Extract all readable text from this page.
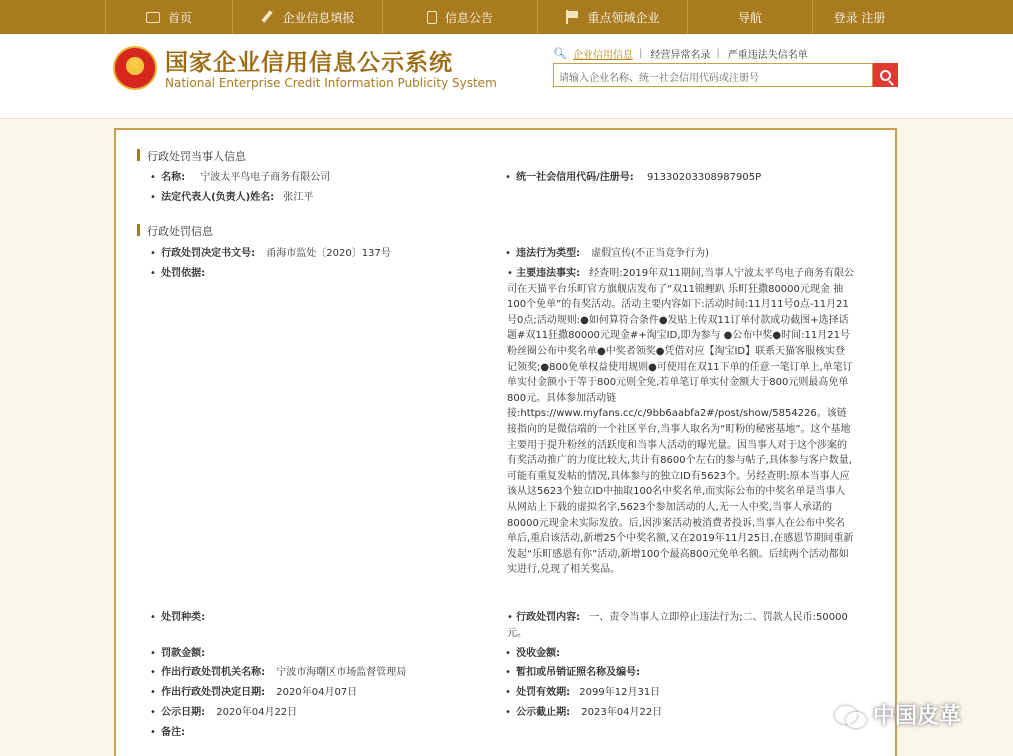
首页	企业信息填报	信息公告	重点领域企业	导航	登录 注册
★
国家企业信用信息公示系统
National Enterprise Credit Information Publicity System
🔍︎ 企业信用信息 | 经营异常名录 | 严重违法失信名单
请输入企业名称、统一社会信用代码或注册号
行政处罚当事人信息
• 名称: 宁波太平鸟电子商务有限公司	• 统一社会信用代码/注册号: 91330203308987905P
• 法定代表人(负责人)姓名: 张江平
行政处罚信息
• 行政处罚决定书文号: 甬海市监处〔2020〕137号	• 违法行为类型: 虚假宣传(不正当竞争行为)
• 处罚依据:	• 主要违法事实: 经查明:2019年双11期间,当事人宁波太平鸟电子商务有限公司在天猫平台乐町官方旗舰店发布了“双11锦鲤趴 乐町狂撒80000元现金 抽100个免单”的有奖活动。活动主要内容如下:活动时间:11月11号0点-11月21号0点;活动规则:●如何算符合条件●发贴上传双11订单付款成功截图+选择话题#双11狂撒80000元现金#+淘宝ID,即为参与 ●公布中奖●时间:11月21号粉丝圈公布中奖名单●中奖者领奖●凭借对应【淘宝ID】联系天猫客服核实登记领奖;●800免单权益使用规则●可使用在双11下单的任意一笔订单上,单笔订单实付金额小于等于800元则全免,若单笔订单实付金额大于800元则最高免单800元。具体参加活动链接:https://www.myfans.cc/c/9bb6aabfa2#/post/show/5854226。该链接指向的是微信端的一个社区平台,当事人取名为“町粉的秘密基地”。这个基地主要用于提升粉丝的活跃度和当事人活动的曝光量。因当事人对于这个涉案的有奖活动推广的力度比较大,共计有8600个左右的参与帖子,具体参与客户数量,可能有重复发帖的情况,具体参与的独立ID有5623个。另经查明:原本当事人应该从这5623个独立ID中抽取100名中奖名单,而实际公布的中奖名单是当事人从网站上下载的虚拟名字,5623个参加活动的人,无一人中奖,当事人承诺的80000元现金未实际发放。后,因涉案活动被消费者投诉,当事人在公布中奖名单后,重启该活动,新增25个中奖名额,又在2019年11月25日,在感恩节期间重新发起“乐町感恩有你”活动,新增100个最高800元免单名额。后续两个活动都如实进行,兑现了相关奖品。
• 处罚种类:	• 行政处罚内容: 一、责令当事人立即停止违法行为;二、罚款人民币:50000元。
• 罚款金额:	• 没收金额:
• 作出行政处罚机关名称: 宁波市海曙区市场监督管理局	• 暂扣或吊销证照名称及编号:
• 作出行政处罚决定日期: 2020年04月07日	• 处罚有效期: 2099年12月31日
• 公示日期: 2020年04月22日	• 公示截止期: 2023年04月22日
• 备注:
中国皮革
